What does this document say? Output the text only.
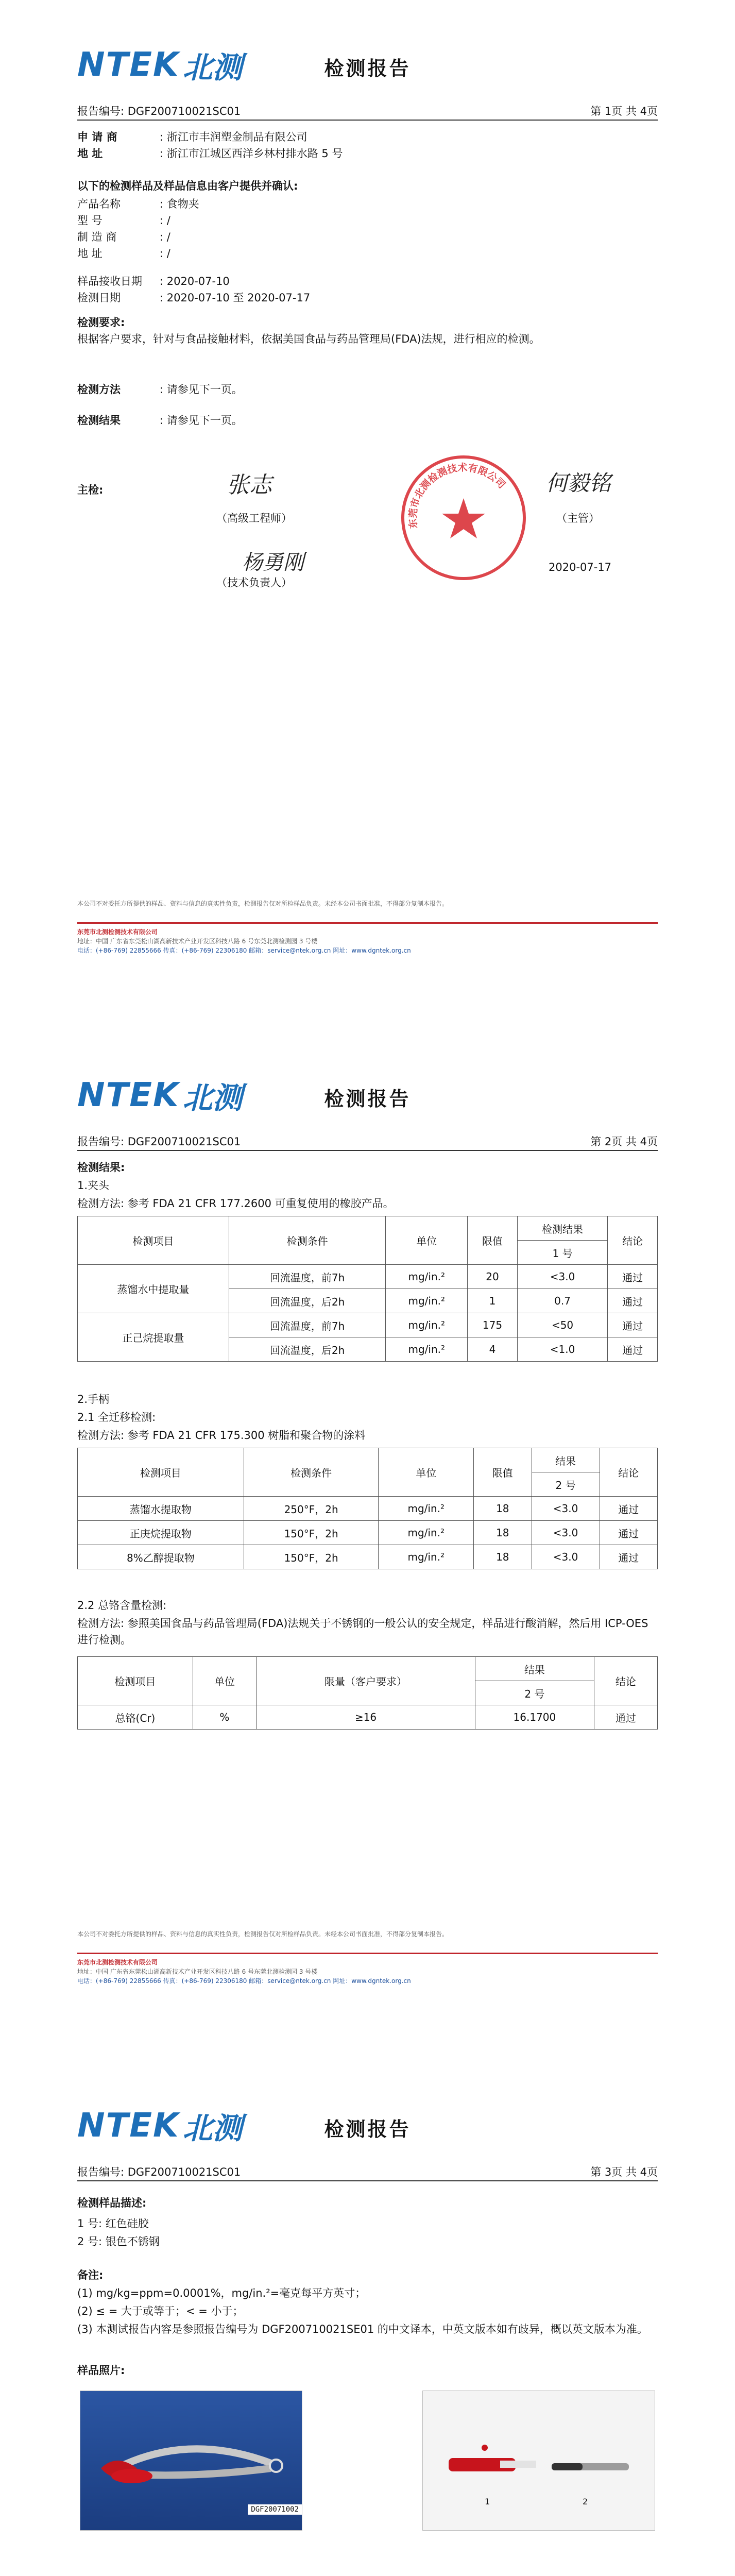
NTEK 北测	检测报告
报告编号: DGF200710021SC01	第 1页 共 4页
申 请 商	: 浙江市丰润塑金制品有限公司
地 址	: 浙江市江城区西洋乡林村排水路 5 号
以下的检测样品及样品信息由客户提供并确认:
产品名称	: 食物夹
型 号	: /
制 造 商	: /
地 址	: /
样品接收日期	: 2020-07-10
检测日期	: 2020-07-10 至 2020-07-17
检测要求:
根据客户要求，针对与食品接触材料，依据美国食品与药品管理局(FDA)法规，进行相应的检测。
检测方法	: 请参见下一页。
检测结果	: 请参见下一页。
主检:	张志
（高级工程师）
杨勇刚
（技术负责人）
东莞市北测检测技术有限公司 何毅铭
（主管）
2020-07-17
本公司不对委托方所提供的样品、资料与信息的真实性负责，检测报告仅对所检样品负责。未经本公司书面批准，不得部分复制本报告。
东莞市北测检测技术有限公司
地址：中国 广东省东莞松山湖高新技术产业开发区科技八路 6 号东莞北测检测园 3 号楼
电话：(+86-769) 22855666 传真：(+86-769) 22306180 邮箱：service@ntek.org.cn 网址：www.dgntek.org.cn
NTEK 北测	检测报告
报告编号: DGF200710021SC01	第 2页 共 4页
检测结果:
1.夹头
检测方法: 参考 FDA 21 CFR 177.2600 可重复使用的橡胶产品。
检测项目	检测条件	单位	限值	检测结果	结论
				1 号	
蒸馏水中提取量	回流温度，前7h	mg/in.²	20	<3.0	通过
	回流温度，后2h	mg/in.²	1	0.7	通过
正己烷提取量	回流温度，前7h	mg/in.²	175	<50	通过
	回流温度，后2h	mg/in.²	4	<1.0	通过
2.手柄
2.1 全迁移检测:
检测方法: 参考 FDA 21 CFR 175.300 树脂和聚合物的涂料
检测项目	检测条件	单位	限值	结果	结论
				2 号	
蒸馏水提取物	250°F，2h	mg/in.²	18	<3.0	通过
正庚烷提取物	150°F，2h	mg/in.²	18	<3.0	通过
8%乙醇提取物	150°F，2h	mg/in.²	18	<3.0	通过
2.2 总铬含量检测:
检测方法: 参照美国食品与药品管理局(FDA)法规关于不锈钢的一般公认的安全规定，样品进行酸消解，然后用 ICP-OES 进行检测。
检测项目	单位	限量（客户要求）	结果	结论
			2 号	
总铬(Cr)	%	≥16	16.1700	通过
本公司不对委托方所提供的样品、资料与信息的真实性负责，检测报告仅对所检样品负责。未经本公司书面批准，不得部分复制本报告。
东莞市北测检测技术有限公司
地址：中国 广东省东莞松山湖高新技术产业开发区科技八路 6 号东莞北测检测园 3 号楼
电话：(+86-769) 22855666 传真：(+86-769) 22306180 邮箱：service@ntek.org.cn 网址：www.dgntek.org.cn
NTEK 北测	检测报告
报告编号: DGF200710021SC01	第 3页 共 4页
检测样品描述:
1 号: 红色硅胶
2 号: 银色不锈钢
备注:
(1) mg/kg=ppm=0.0001%，mg/in.²=毫克每平方英寸；
(2) ≤ = 大于或等于；< = 小于；
(3) 本测试报告内容是参照报告编号为 DGF200710021SE01 的中文译本，中英文版本如有歧异，概以英文版本为准。
样品照片:
DGF20071002
1	2
